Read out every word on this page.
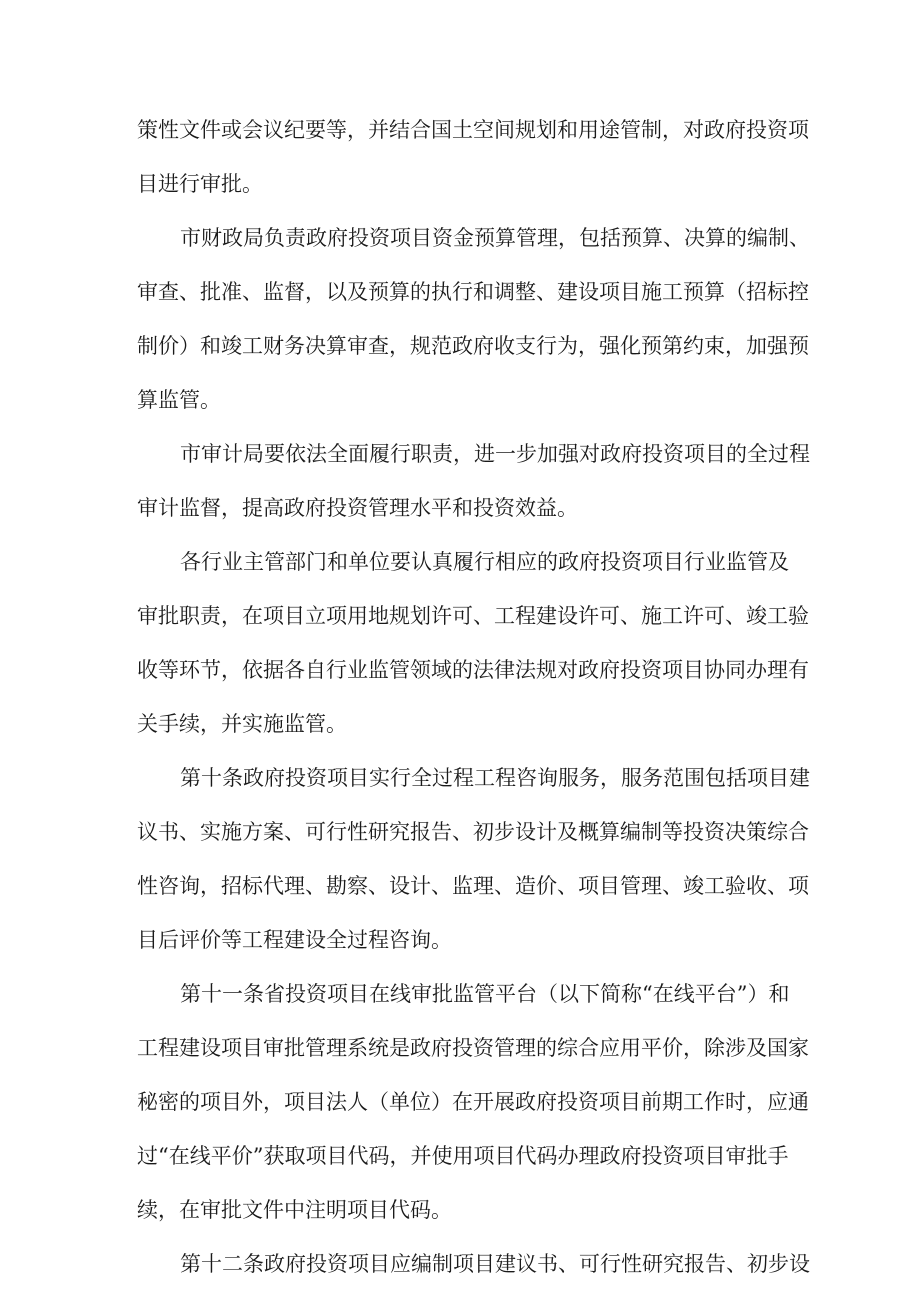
策性文件或会议纪要等，并结合国土空间规划和用途管制，对政府投资项
目进行审批。
市财政局负责政府投资项目资金预算管理，包括预算、决算的编制、
审查、批准、监督，以及预算的执行和调整、建设项目施工预算（招标控
制价）和竣工财务决算审查，规范政府收支行为，强化预第约束，加强预
算监管。
市审计局要依法全面履行职责，进一步加强对政府投资项目的全过程
审计监督，提高政府投资管理水平和投资效益。
各行业主管部门和单位要认真履行相应的政府投资项目行业监管及
审批职责，在项目立项用地规划许可、工程建设许可、施工许可、竣工验
收等环节，依据各自行业监管领域的法律法规对政府投资项目协同办理有
关手续，并实施监管。
第十条政府投资项目实行全过程工程咨询服务，服务范围包括项目建
议书、实施方案、可行性研究报告、初步设计及概算编制等投资决策综合
性咨询，招标代理、勘察、设计、监理、造价、项目管理、竣工验收、项
目后评价等工程建设全过程咨询。
第十一条省投资项目在线审批监管平台（以下简称“在线平台”）和
工程建设项目审批管理系统是政府投资管理的综合应用平价，除涉及国家
秘密的项目外，项目法人（单位）在开展政府投资项目前期工作时，应通
过“在线平价”获取项目代码，并使用项目代码办理政府投资项目审批手
续，在审批文件中注明项目代码。
第十二条政府投资项目应编制项目建议书、可行性研究报告、初步设
